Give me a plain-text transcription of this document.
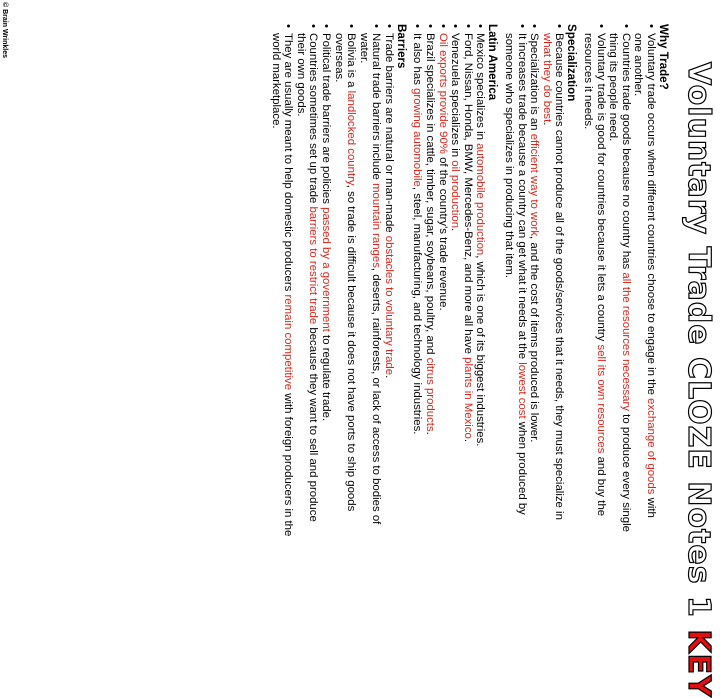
Voluntary Trade CLOZE Notes 1 KEY
Why Trade?
• Voluntary trade occurs when different countries choose to engage in the exchange of goods with one another.
• Countries trade goods because no country has all the resources necessary to produce every single thing its people need.
• Voluntary trade is good for countries because it lets a country sell its own resources and buy the resources it needs.
Specialization
• Because countries cannot produce all of the goods/services that it needs, they must specialize in what they do best.
• Specialization is an efficient way to work, and the cost of items produced is lower.
• It increases trade because a country can get what it needs at the lowest cost when produced by someone who specializes in producing that item.
Latin America
• Mexico specializes in automobile production, which is one of its biggest industries.
• Ford, Nissan, Honda, BMW, Mercedes-Benz, and more all have plants in Mexico.
• Venezuela specializes in oil production.
• Oil exports provide 90% of the country's trade revenue.
• Brazil specializes in cattle, timber, sugar, soybeans, poultry, and citrus products.
• It also has growing automobile, steel, manufacturing, and technology industries.
Barriers
• Trade barriers are natural or man-made obstacles to voluntary trade.
• Natural trade barriers include mountain ranges, deserts, rainforests, or lack of access to bodies of water.
• Bolivia is a landlocked country, so trade is difficult because it does not have ports to ship goods overseas.
• Political trade barriers are policies passed by a government to regulate trade.
• Countries sometimes set up trade barriers to restrict trade because they want to sell and produce their own goods.
• They are usually meant to help domestic producers remain competitive with foreign producers in the world marketplace.
© Brain Wrinkles
